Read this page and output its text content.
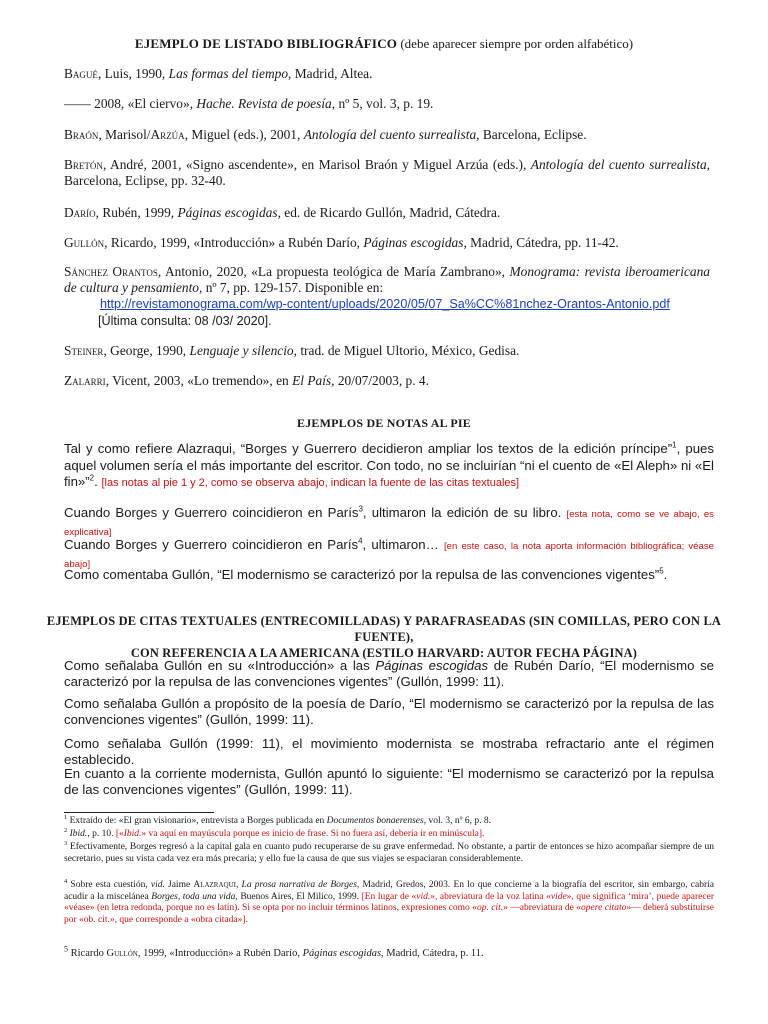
EJEMPLO DE LISTADO BIBLIOGRÁFICO (debe aparecer siempre por orden alfabético)
Bagué, Luis, 1990, Las formas del tiempo, Madrid, Altea.
—— 2008, «El ciervo», Hache. Revista de poesía, nº 5, vol. 3, p. 19.
Braón, Marisol/Arzúa, Miguel (eds.), 2001, Antología del cuento surrealista, Barcelona, Eclipse.
Bretón, André, 2001, «Signo ascendente», en Marisol Braón y Miguel Arzúa (eds.), Antología del cuento surrealista, Barcelona, Eclipse, pp. 32-40.
Darío, Rubén, 1999, Páginas escogidas, ed. de Ricardo Gullón, Madrid, Cátedra.
Gullón, Ricardo, 1999, «Introducción» a Rubén Darío, Páginas escogidas, Madrid, Cátedra, pp. 11-42.
Sánchez Orantos, Antonio, 2020, «La propuesta teológica de María Zambrano», Monograma: revista iberoamericana de cultura y pensamiento, nº 7, pp. 129-157. Disponible en:
http://revistamonograma.com/wp-content/uploads/2020/05/07_Sa%CC%81nchez-Orantos-Antonio.pdf
[Última consulta: 08 /03/ 2020].
Steiner, George, 1990, Lenguaje y silencio, trad. de Miguel Ultorio, México, Gedisa.
Zalarri, Vicent, 2003, «Lo tremendo», en El País, 20/07/2003, p. 4.
EJEMPLOS DE NOTAS AL PIE
Tal y como refiere Alazraqui, “Borges y Guerrero decidieron ampliar los textos de la edición príncipe”$^1$, pues aquel volumen sería el más importante del escritor. Con todo, no se incluirían “ni el cuento de «El Aleph» ni «El fin»”$^2$. [las notas al pie 1 y 2, como se observa abajo, indican la fuente de las citas textuales]
Cuando Borges y Guerrero coincidieron en París$^3$, ultimaron la edición de su libro. [esta nota, como se ve abajo, es explicativa]
Cuando Borges y Guerrero coincidieron en París$^4$, ultimaron… [en este caso, la nota aporta información bibliográfica; véase abajo]
Como comentaba Gullón, “El modernismo se caracterizó por la repulsa de las convenciones vigentes”$^5$.
EJEMPLOS DE CITAS TEXTUALES (ENTRECOMILLADAS) Y PARAFRASEADAS (SIN COMILLAS, PERO CON LA FUENTE),
CON REFERENCIA A LA AMERICANA (ESTILO HARVARD: AUTOR FECHA PÁGINA)
Como señalaba Gullón en su «Introducción» a las Páginas escogidas de Rubén Darío, “El modernismo se caracterizó por la repulsa de las convenciones vigentes” (Gullón, 1999: 11).
Como señalaba Gullón a propósito de la poesía de Darío, “El modernismo se caracterizó por la repulsa de las convenciones vigentes” (Gullón, 1999: 11).
Como señalaba Gullón (1999: 11), el movimiento modernista se mostraba refractario ante el régimen establecido.
En cuanto a la corriente modernista, Gullón apuntó lo siguiente: “El modernismo se caracterizó por la repulsa de las convenciones vigentes” (Gullón, 1999: 11).
$^1$ Extraído de: «El gran visionario», entrevista a Borges publicada en Documentos bonaerenses, vol. 3, nº 6, p. 8.
$^2$ Ibid., p. 10. [«Ibid.» va aquí en mayúscula porque es inicio de frase. Si no fuera así, debería ir en minúscula].
$^3$ Efectivamente, Borges regresó a la capital gala en cuanto pudo recuperarse de su grave enfermedad. No obstante, a partir de entonces se hizo acompañar siempre de un secretario, pues su vista cada vez era más precaria; y ello fue la causa de que sus viajes se espaciaran considerablemente.
$^4$ Sobre esta cuestión, vid. Jaime Alazraqui, La prosa narrativa de Borges, Madrid, Gredos, 2003. En lo que concierne a la biografía del escritor, sin embargo, cabría acudir a la miscelánea Borges, toda una vida, Buenos Aires, El Milico, 1999. [En lugar de «vid.», abreviatura de la voz latina «vide», que significa ‘mira’, puede aparecer «véase» (en letra redonda, porque no es latín). Si se opta por no incluir términos latinos, expresiones como «op. cit.» —abreviatura de «opere citato»— deberá substituirse por «ob. cit.», que corresponde a «obra citada»].
$^5$ Ricardo Gullón, 1999, «Introducción» a Rubén Darío, Páginas escogidas, Madrid, Cátedra, p. 11.
